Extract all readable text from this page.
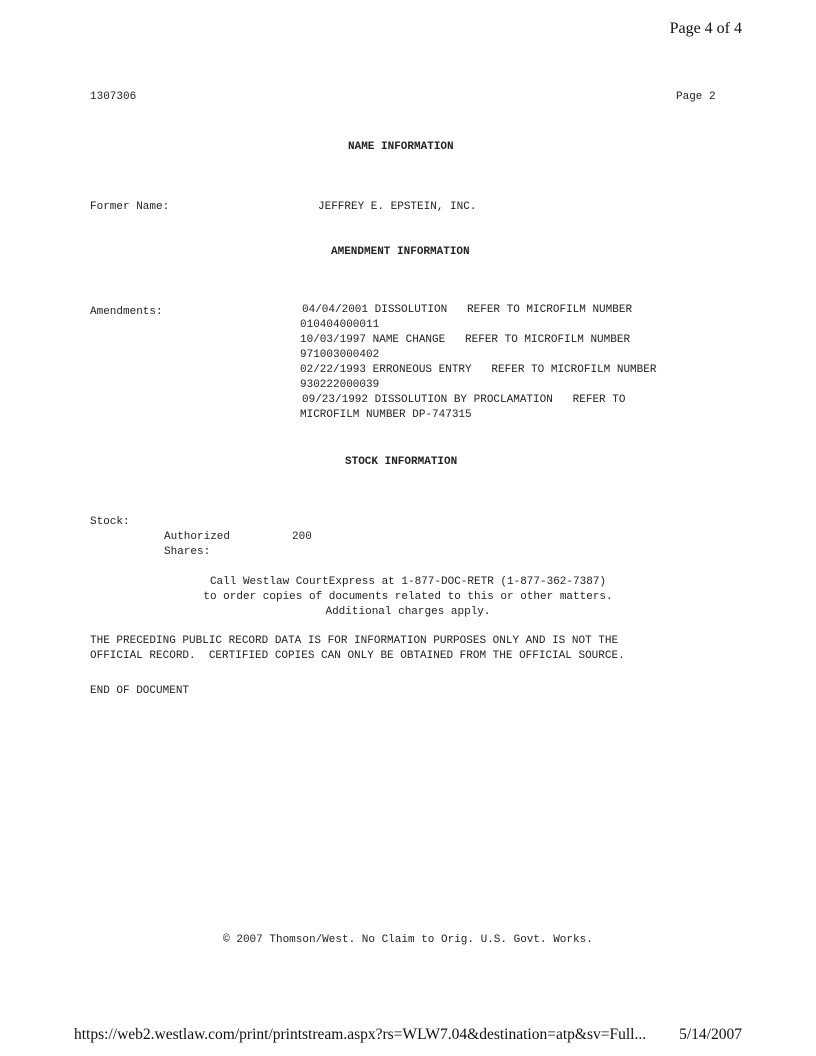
Page 4 of 4
1307306	Page 2
NAME INFORMATION
Former Name:	JEFFREY E. EPSTEIN, INC.
AMENDMENT INFORMATION
Amendments:	04/04/2001 DISSOLUTION   REFER TO MICROFILM NUMBER
010404000011
10/03/1997 NAME CHANGE   REFER TO MICROFILM NUMBER
971003000402
02/22/1993 ERRONEOUS ENTRY   REFER TO MICROFILM NUMBER
930222000039
09/23/1992 DISSOLUTION BY PROCLAMATION   REFER TO
MICROFILM NUMBER DP-747315
STOCK INFORMATION
Stock:
Authorized
Shares:
200
Call Westlaw CourtExpress at 1-877-DOC-RETR (1-877-362-7387)
to order copies of documents related to this or other matters.
Additional charges apply.
THE PRECEDING PUBLIC RECORD DATA IS FOR INFORMATION PURPOSES ONLY AND IS NOT THE
OFFICIAL RECORD.  CERTIFIED COPIES CAN ONLY BE OBTAINED FROM THE OFFICIAL SOURCE.
END OF DOCUMENT
© 2007 Thomson/West. No Claim to Orig. U.S. Govt. Works.
https://web2.westlaw.com/print/printstream.aspx?rs=WLW7.04&destination=atp&sv=Full... 5/14/2007
